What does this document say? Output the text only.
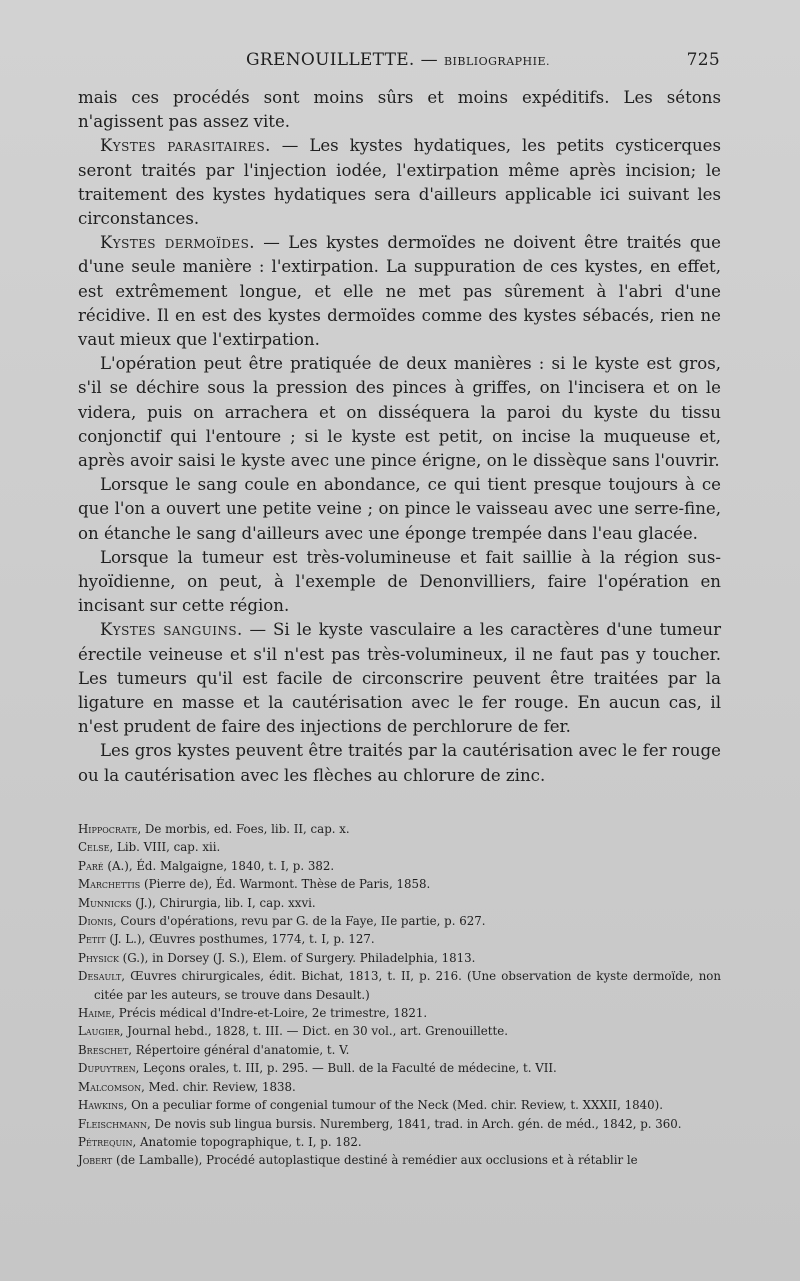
GRENOUILLETTE. — BIBLIOGRAPHIE.	725

mais ces procédés sont moins sûrs et moins expéditifs. Les sétons n'agissent pas assez vite.

Kystes parasitaires. — Les kystes hydatiques, les petits cysticerques seront traités par l'injection iodée, l'extirpation même après incision; le traitement des kystes hydatiques sera d'ailleurs applicable ici suivant les circonstances.

Kystes dermoïdes. — Les kystes dermoïdes ne doivent être traités que d'une seule manière : l'extirpation. La suppuration de ces kystes, en effet, est extrêmement longue, et elle ne met pas sûrement à l'abri d'une récidive. Il en est des kystes dermoïdes comme des kystes sébacés, rien ne vaut mieux que l'extirpation.

L'opération peut être pratiquée de deux manières : si le kyste est gros, s'il se déchire sous la pression des pinces à griffes, on l'incisera et on le videra, puis on arrachera et on disséquera la paroi du kyste du tissu conjonctif qui l'entoure ; si le kyste est petit, on incise la muqueuse et, après avoir saisi le kyste avec une pince érigne, on le dissèque sans l'ouvrir.

Lorsque le sang coule en abondance, ce qui tient presque toujours à ce que l'on a ouvert une petite veine ; on pince le vaisseau avec une serre-fine, on étanche le sang d'ailleurs avec une éponge trempée dans l'eau glacée.

Lorsque la tumeur est très-volumineuse et fait saillie à la région sus-hyoïdienne, on peut, à l'exemple de Denonvilliers, faire l'opération en incisant sur cette région.

Kystes sanguins. — Si le kyste vasculaire a les caractères d'une tumeur érectile veineuse et s'il n'est pas très-volumineux, il ne faut pas y toucher. Les tumeurs qu'il est facile de circonscrire peuvent être traitées par la ligature en masse et la cautérisation avec le fer rouge. En aucun cas, il n'est prudent de faire des injections de perchlorure de fer.

Les gros kystes peuvent être traités par la cautérisation avec le fer rouge ou la cautérisation avec les flèches au chlorure de zinc.

Hippocrate, De morbis, ed. Foes, lib. II, cap. x.

Celse, Lib. VIII, cap. xii.

Paré (A.), Éd. Malgaigne, 1840, t. I, p. 382.

Marchettis (Pierre de), Éd. Warmont. Thèse de Paris, 1858.

Munnicks (J.), Chirurgia, lib. I, cap. xxvi.

Dionis, Cours d'opérations, revu par G. de la Faye, IIe partie, p. 627.

Petit (J. L.), Œuvres posthumes, 1774, t. I, p. 127.

Physick (G.), in Dorsey (J. S.), Elem. of Surgery. Philadelphia, 1813.

Desault, Œuvres chirurgicales, édit. Bichat, 1813, t. II, p. 216. (Une observation de kyste dermoïde, non citée par les auteurs, se trouve dans Desault.)

Haime, Précis médical d'Indre-et-Loire, 2e trimestre, 1821.

Laugier, Journal hebd., 1828, t. III. — Dict. en 30 vol., art. Grenouillette.

Breschet, Répertoire général d'anatomie, t. V.

Dupuytren, Leçons orales, t. III, p. 295. — Bull. de la Faculté de médecine, t. VII.

Malcomson, Med. chir. Review, 1838.

Hawkins, On a peculiar forme of congenial tumour of the Neck (Med. chir. Review, t. XXXII, 1840).

Fleischmann, De novis sub lingua bursis. Nuremberg, 1841, trad. in Arch. gén. de méd., 1842, p. 360.

Pétrequin, Anatomie topographique, t. I, p. 182.

Jobert (de Lamballe), Procédé autoplastique destiné à remédier aux occlusions et à rétablir le
